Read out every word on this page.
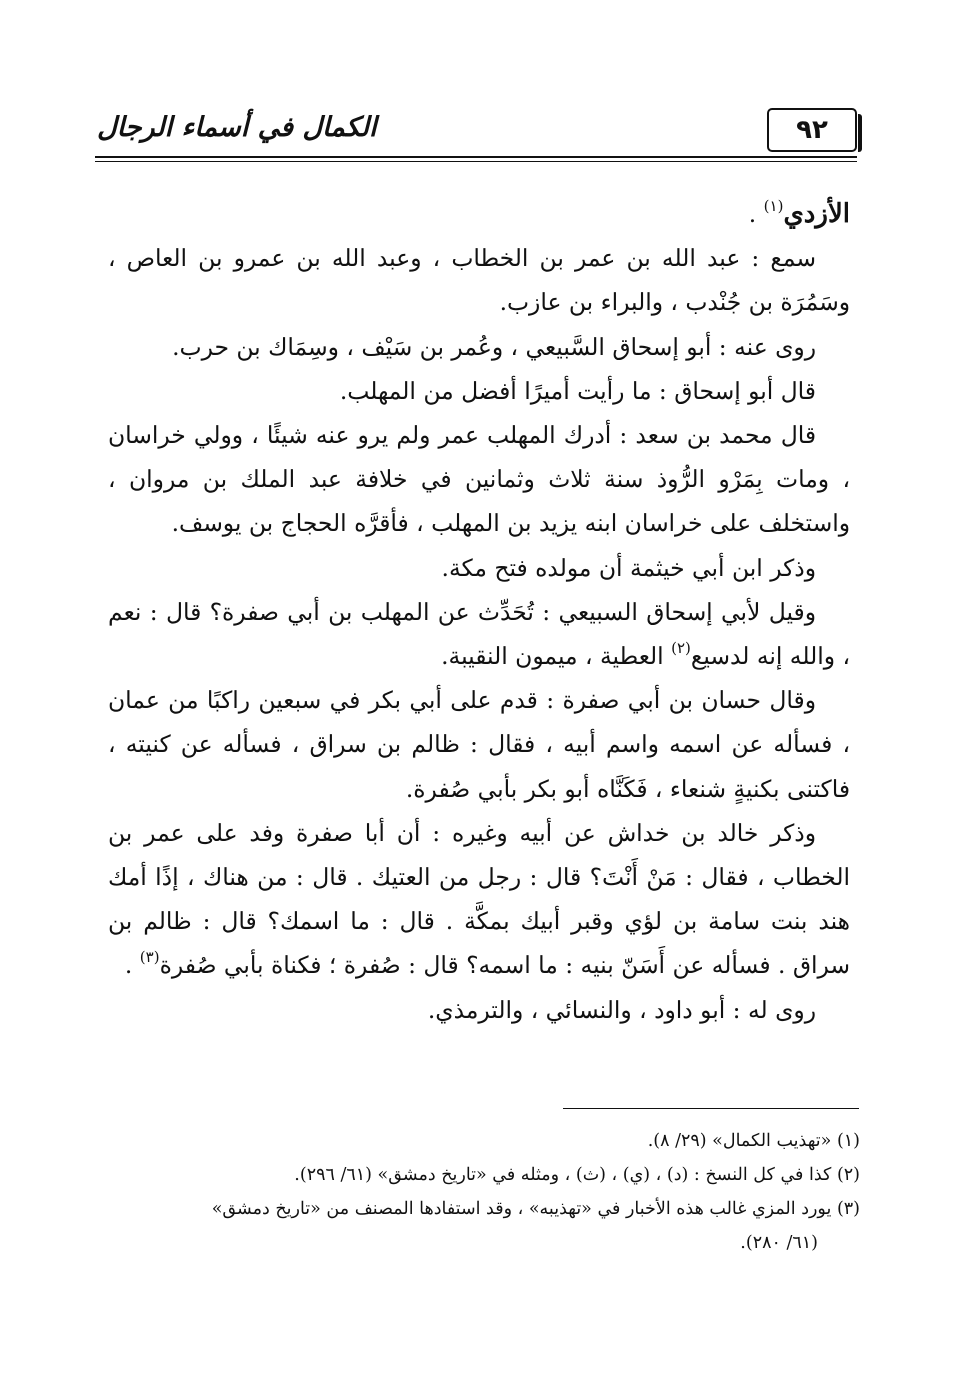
٩٢
الكمال في أسماء الرجال

الأزدي$^{(١)}$ .

سمع : عبد الله بن عمر بن الخطاب ، وعبد الله بن عمرو بن العاص ، وسَمُرَة بن جُنْدب ، والبراء بن عازب.

روى عنه : أبو إسحاق السَّبيعي ، وعُمر بن سَيْف ، وسِمَاك بن حرب.

قال أبو إسحاق : ما رأيت أميرًا أفضل من المهلب.

قال محمد بن سعد : أدرك المهلب عمر ولم يرو عنه شيئًا ، وولي خراسان ، ومات بِمَرْو الرُّوذ سنة ثلاث وثمانين في خلافة عبد الملك بن مروان ، واستخلف على خراسان ابنه يزيد بن المهلب ، فأقرَّه الحجاج بن يوسف.

وذكر ابن أبي خيثمة أن مولده فتح مكة.

وقيل لأبي إسحاق السبيعي : تُحَدِّث عن المهلب بن أبي صفرة؟ قال : نعم ، والله إنه لدسيع$^{(٢)}$ العطية ، ميمون النقيبة.

وقال حسان بن أبي صفرة : قدم على أبي بكر في سبعين راكبًا من عمان ، فسأله عن اسمه واسم أبيه ، فقال : ظالم بن سراق ، فسأله عن كنيته ، فاكتنى بكنيةٍ شنعاء ، فَكَنَّاه أبو بكر بأبي صُفرة.

وذكر خالد بن خداش عن أبيه وغيره : أن أبا صفرة وفد على عمر بن الخطاب ، فقال : مَنْ أَنْتَ؟ قال : رجل من العتيك . قال : من هناك ، إذًا أمك هند بنت سامة بن لؤي وقبر أبيك بمكَّة . قال : ما اسمك؟ قال : ظالم بن سراق . فسأله عن أَسَنّ بنيه : ما اسمه؟ قال : صُفرة ؛ فكناة بأبي صُفرة$^{(٣)}$ .

روى له : أبو داود ، والنسائي ، والترمذي.

(١) «تهذيب الكمال» (٢٩/ ٨).

(٢) كذا في كل النسخ : (د) ، (ي) ، (ث) ، ومثله في «تاريخ دمشق» (٦١/ ٢٩٦).

(٣) يورد المزي غالب هذه الأخبار في «تهذيبه» ، وقد استفادها المصنف من «تاريخ دمشق»

(٦١/ ٢٨٠).
